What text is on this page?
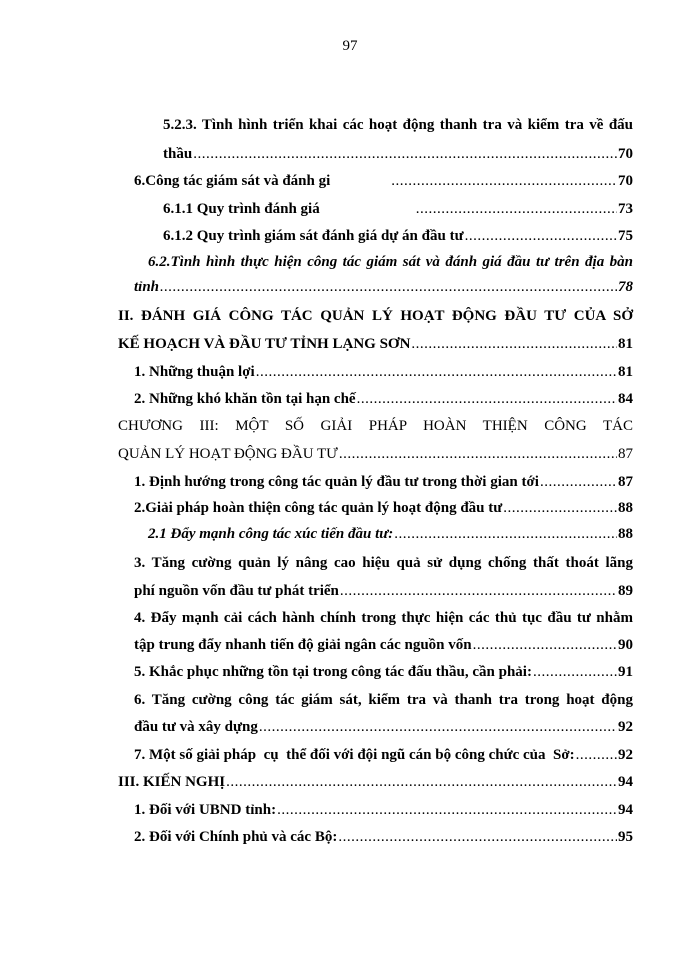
97
5.2.3. Tình hình triển khai các hoạt động thanh tra và kiểm tra về đấu
thầu .....	70
6.Công tác giám sát và đánh gi .....	70
6.1.1 Quy trình đánh giá .....	73
6.1.2 Quy trình giám sát đánh giá dự án đầu tư .....	75
6.2.Tình hình thực hiện công tác giám sát và đánh giá đầu tư trên địa bàn
tỉnh .....	78
II. ĐÁNH GIÁ CÔNG TÁC QUẢN LÝ HOẠT ĐỘNG ĐẦU TƯ CỦA SỞ
KẾ HOẠCH VÀ ĐẦU TƯ TỈNH LẠNG SƠN .....	81
1. Những thuận lợi .....	81
2. Những khó khăn tồn tại hạn chế .....	84
CHƯƠNG III: MỘT SỐ GIẢI PHÁP HOÀN THIỆN CÔNG TÁC
QUẢN LÝ HOẠT ĐỘNG ĐẦU TƯ .....	87
1. Định hướng trong công tác quản lý đầu tư trong thời gian tới .....	87
2.Giải pháp hoàn thiện công tác quản lý hoạt động đầu tư .....	88
2.1 Đẩy mạnh công tác xúc tiến đầu tư: .....	88
3. Tăng cường quản lý nâng cao hiệu quả sử dụng chống thất thoát lãng
phí nguồn vốn đầu tư phát triển .....	89
4. Đẩy mạnh cải cách hành chính trong thực hiện các thủ tục đầu tư nhằm
tập trung đẩy nhanh tiến độ giải ngân các nguồn vốn .....	90
5. Khắc phục những tồn tại trong công tác đấu thầu, cần phải: .....	91
6. Tăng cường công tác giám sát, kiểm tra và thanh tra trong hoạt động
đầu tư và xây dựng .....	92
7. Một số giải pháp  cụ  thể đối với đội ngũ cán bộ công chức của  Sở: .....	92
III. KIẾN NGHỊ .....	94
1. Đối với UBND tỉnh: .....	94
2. Đối với Chính phủ và các Bộ: .....	95
